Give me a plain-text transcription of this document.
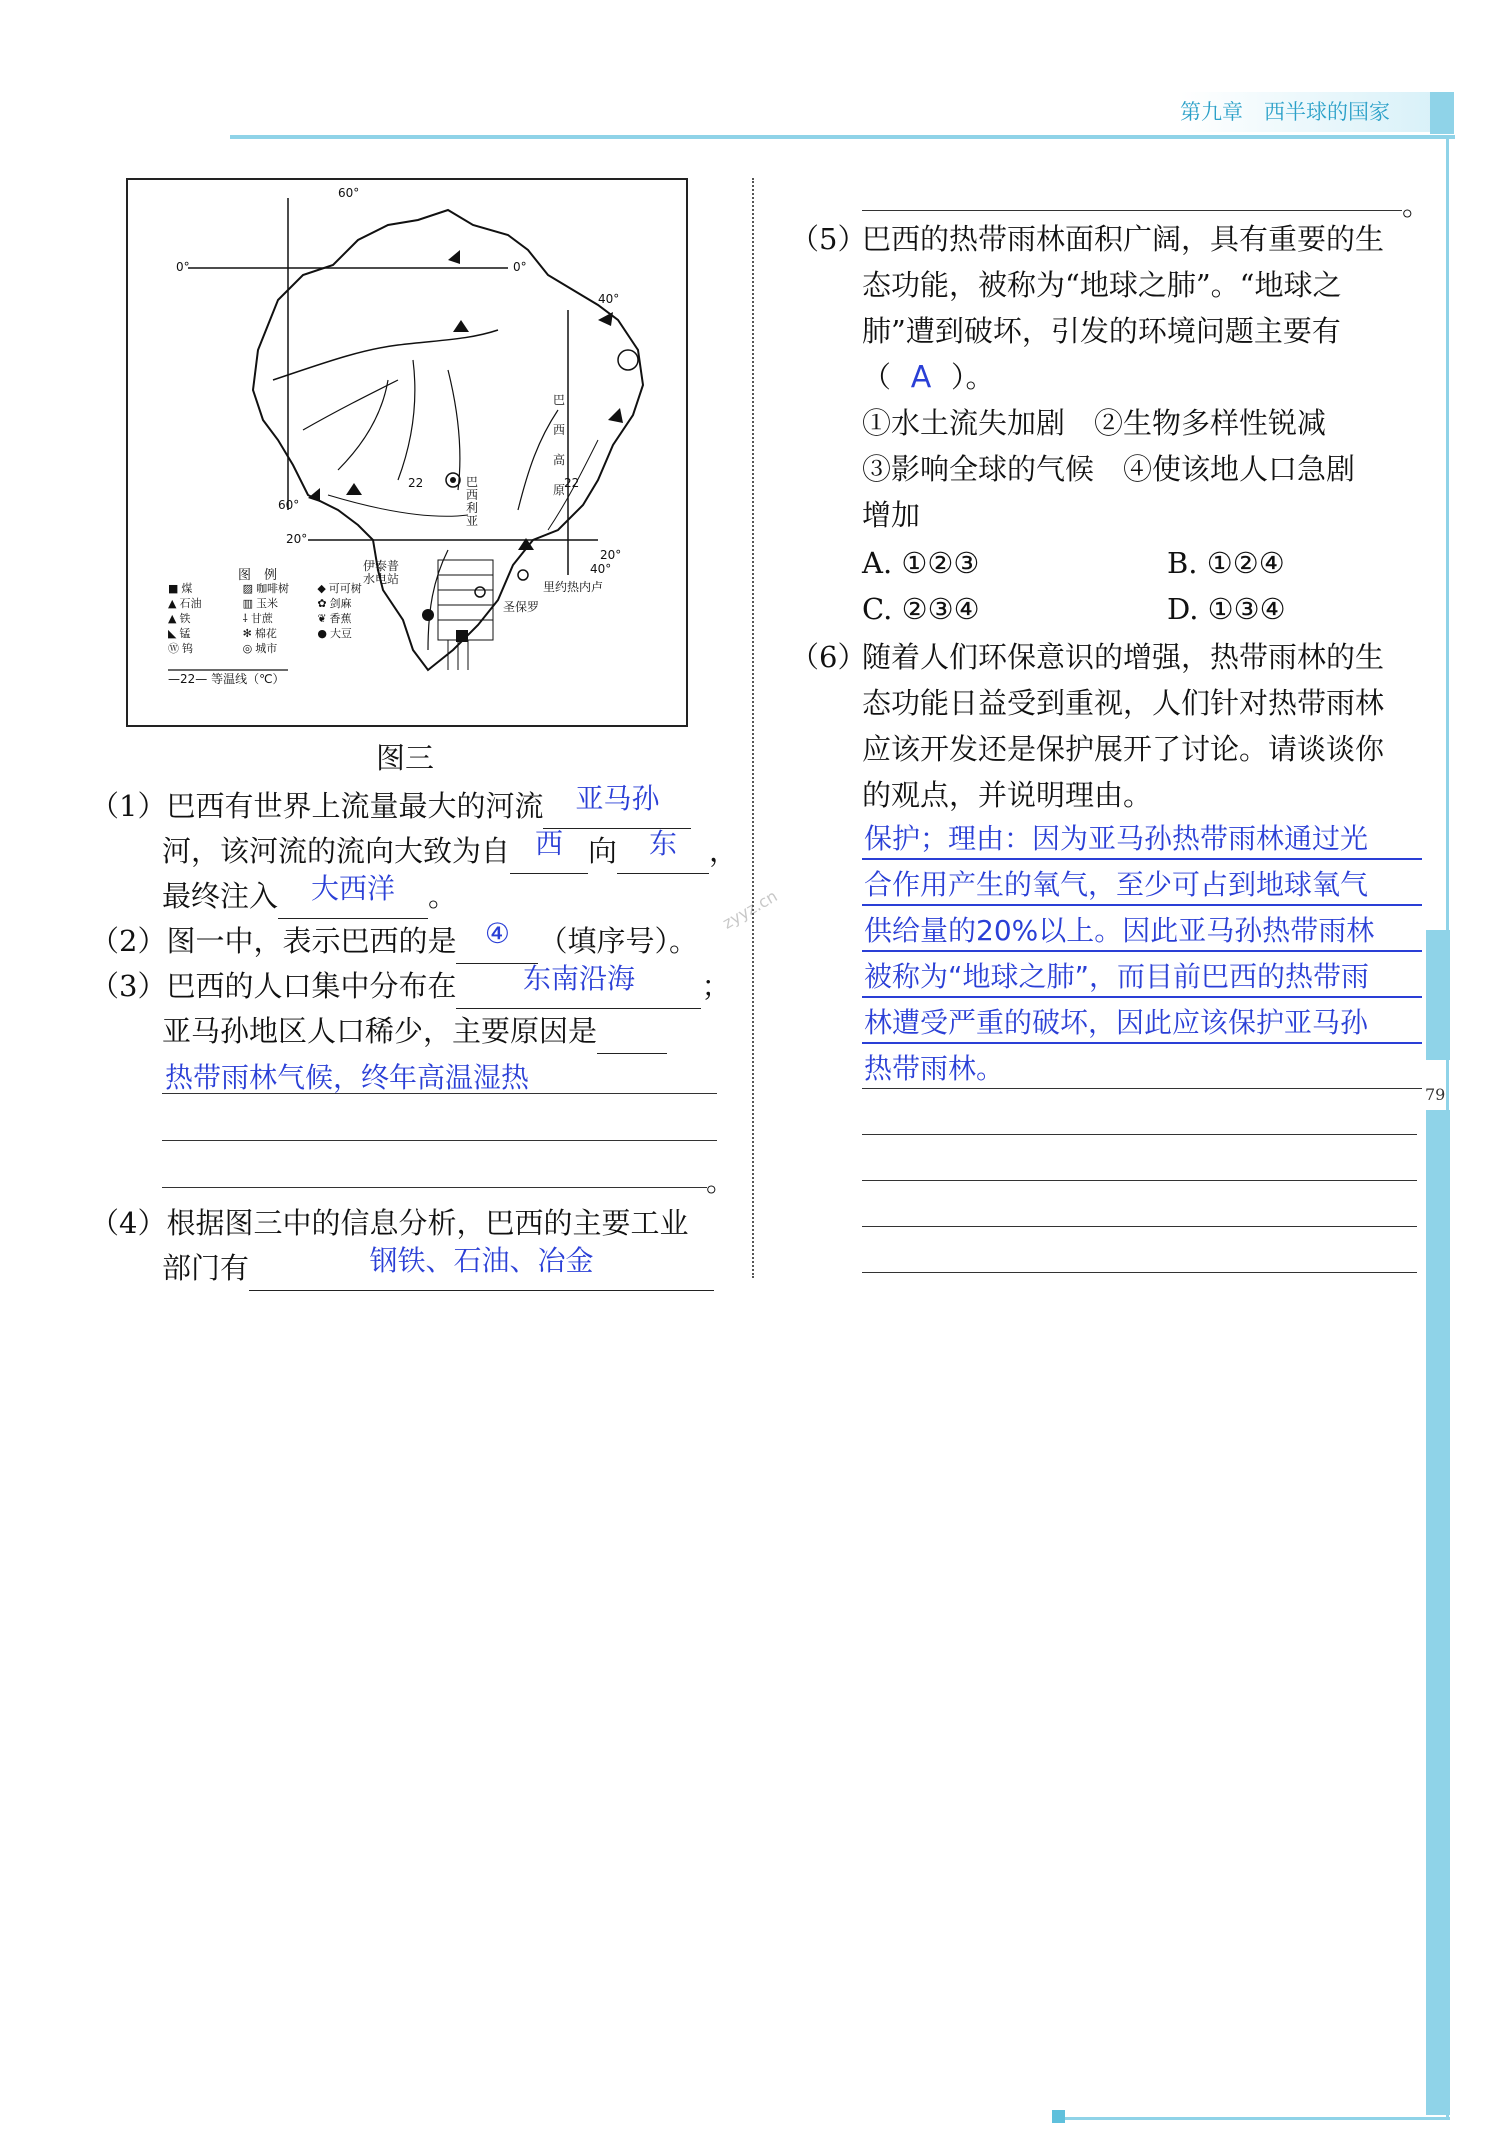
第九章　西半球的国家
79
zyyz.cn
60°
0°	0°
40°
60°
20°
20°
40°
22	22
巴西利亚
巴西高原
伊泰普水电站
里约热内卢
圣保罗
图　例
■ 煤	▨ 咖啡树	◆ 可可树
▲ 石油	▥ 玉米	✿ 剑麻
▲ 铁	⸸ 甘蔗	❦ 香蕉
◣ 锰	✻ 棉花	● 大豆
Ⓦ 钨	◎ 城市
—22— 等温线（℃）
图三
（1）巴西有世界上流量最大的河流	亚马孙
河，该河流的流向大致为自 西 向	东	，
最终注入	大西洋	。
（2）图一中，表示巴西的是	④ （填序号）。
（3）巴西的人口集中分布在	东南沿海	；
亚马孙地区人口稀少，主要原因是
热带雨林气候，终年高温湿热
。
（4）根据图三中的信息分析，巴西的主要工业
部门有	钢铁、石油、冶金
。
（5）
巴西的热带雨林面积广阔，具有重要的生
态功能，被称为“地球之肺”。“地球之
肺”遭到破坏，引发的环境问题主要有
（ A ）。
①水土流失加剧　②生物多样性锐减
③影响全球的气候　④使该地人口急剧
增加
A. ①②③	B. ①②④
C. ②③④	D. ①③④
（6）
随着人们环保意识的增强，热带雨林的生
态功能日益受到重视，人们针对热带雨林
应该开发还是保护展开了讨论。请谈谈你
的观点，并说明理由。
保护；理由：因为亚马孙热带雨林通过光
合作用产生的氧气，至少可占到地球氧气
供给量的20%以上。因此亚马孙热带雨林
被称为“地球之肺”，而目前巴西的热带雨
林遭受严重的破坏，因此应该保护亚马孙
热带雨林。
